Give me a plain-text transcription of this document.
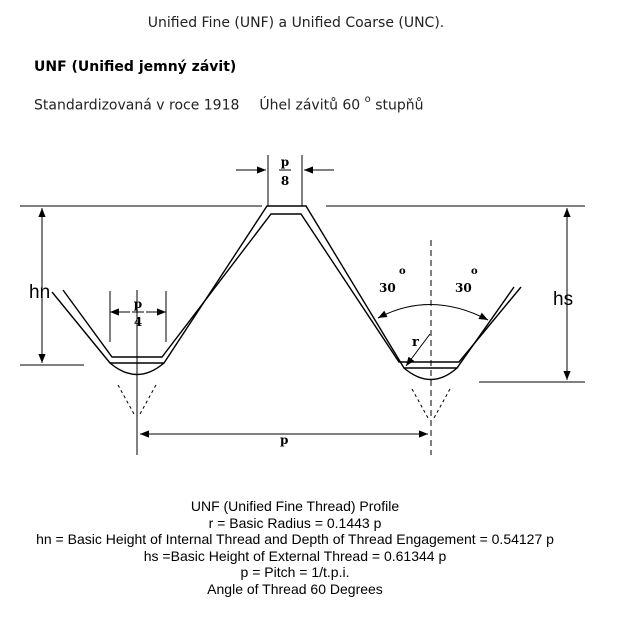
Unified Fine (UNF) a Unified Coarse (UNC).
UNF (Unified jemný závit)
Standardizovaná v roce 1918 Úhel závitů 60 $^o$ stupňů
p
8
p
4
hn	hs
p
r
30
o
30
o
UNF (Unified Fine Thread) Profile
r = Basic Radius = 0.1443 p
hn = Basic Height of Internal Thread and Depth of Thread Engagement = 0.54127 p
hs =Basic Height of External Thread = 0.61344 p
p = Pitch = 1/t.p.i.
Angle of Thread 60 Degrees
